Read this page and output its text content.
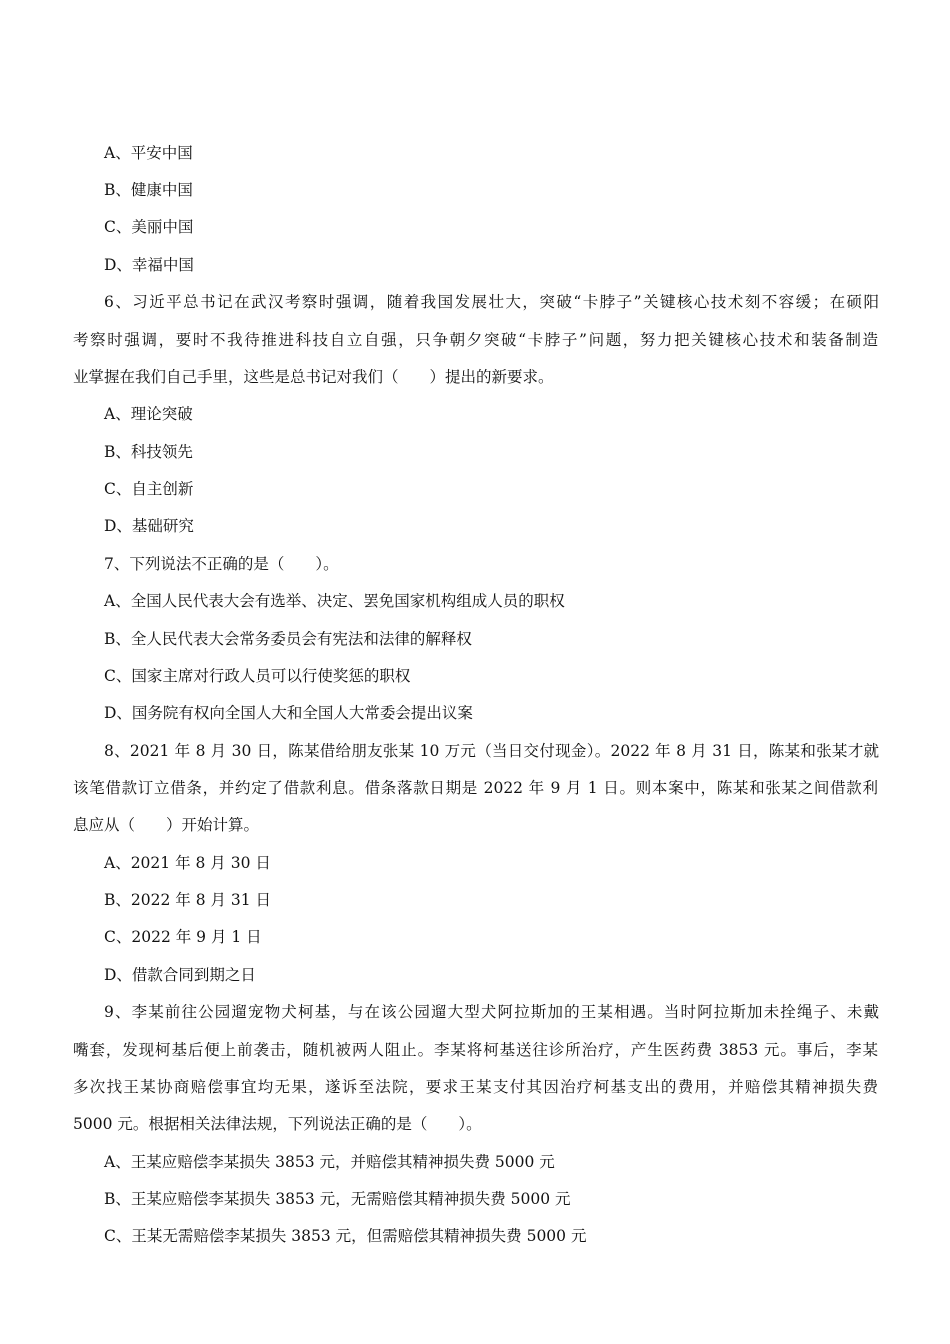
A、平安中国
B、健康中国
C、美丽中国
D、幸福中国
6、习近平总书记在武汉考察时强调，随着我国发展壮大，突破“卡脖子”关键核心技术刻不容缓；在硕阳
考察时强调，要时不我待推进科技自立自强，只争朝夕突破“卡脖子”问题，努力把关键核心技术和装备制造
业掌握在我们自己手里，这些是总书记对我们（　　）提出的新要求。
A、理论突破
B、科技领先
C、自主创新
D、基础研究
7、下列说法不正确的是（　　）。
A、全国人民代表大会有选举、决定、罢免国家机构组成人员的职权
B、全人民代表大会常务委员会有宪法和法律的解释权
C、国家主席对行政人员可以行使奖惩的职权
D、国务院有权向全国人大和全国人大常委会提出议案
8、2021 年 8 月 30 日，陈某借给朋友张某 10 万元（当日交付现金）。2022 年 8 月 31 日，陈某和张某才就
该笔借款订立借条，并约定了借款利息。借条落款日期是 2022 年 9 月 1 日。则本案中，陈某和张某之间借款利
息应从（　　）开始计算。
A、2021 年 8 月 30 日
B、2022 年 8 月 31 日
C、2022 年 9 月 1 日
D、借款合同到期之日
9、李某前往公园遛宠物犬柯基，与在该公园遛大型犬阿拉斯加的王某相遇。当时阿拉斯加未拴绳子、未戴
嘴套，发现柯基后便上前袭击，随机被两人阻止。李某将柯基送往诊所治疗，产生医药费 3853 元。事后，李某
多次找王某协商赔偿事宜均无果，遂诉至法院，要求王某支付其因治疗柯基支出的费用，并赔偿其精神损失费
5000 元。根据相关法律法规，下列说法正确的是（　　）。
A、王某应赔偿李某损失 3853 元，并赔偿其精神损失费 5000 元
B、王某应赔偿李某损失 3853 元，无需赔偿其精神损失费 5000 元
C、王某无需赔偿李某损失 3853 元，但需赔偿其精神损失费 5000 元
